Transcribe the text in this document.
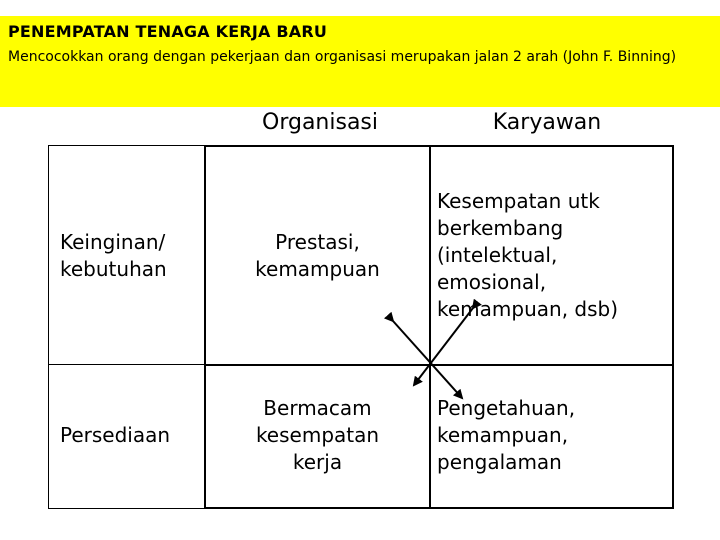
PENEMPATAN TENAGA KERJA BARU
Mencocokkan orang dengan pekerjaan dan organisasi merupakan jalan 2 arah (John F. Binning)
Organisasi	Karyawan
Keinginan/
kebutuhan
Prestasi,
kemampuan
Kesempatan utk
berkembang
(intelektual,
emosional,
kemampuan, dsb)
Persediaan
Bermacam
kesempatan
kerja
Pengetahuan,
kemampuan,
pengalaman
